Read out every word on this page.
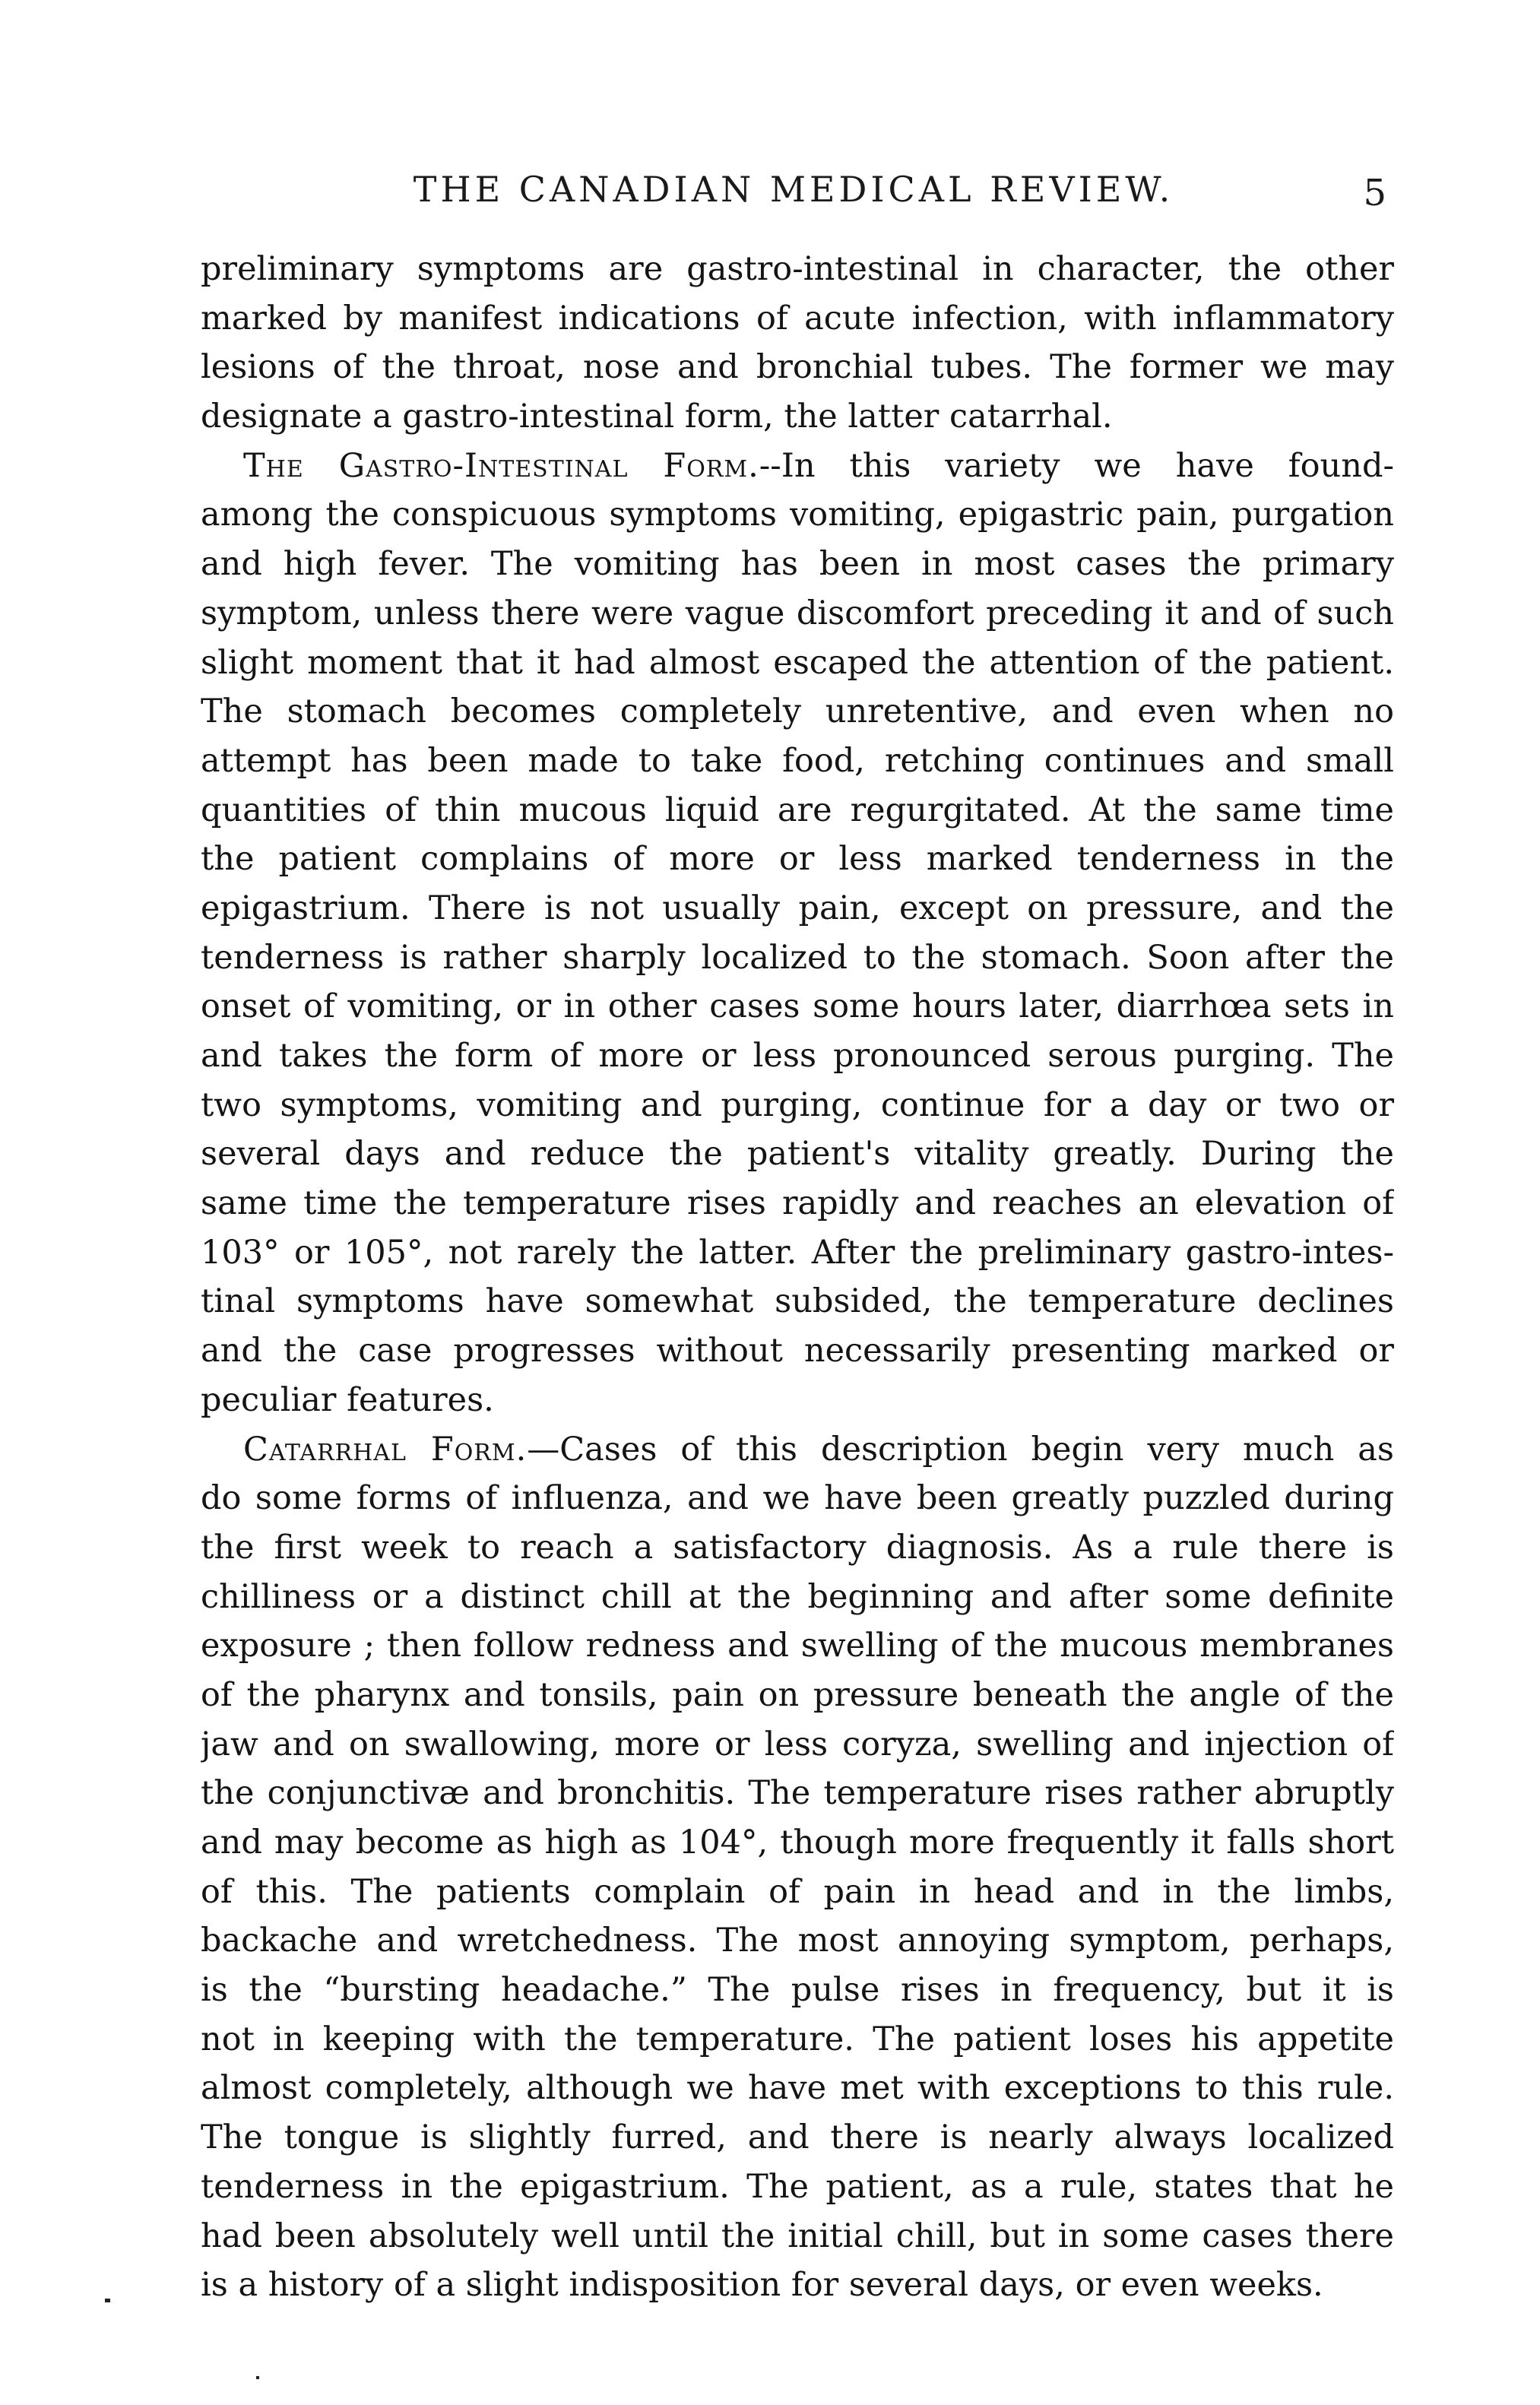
THE CANADIAN MEDICAL REVIEW.	5
preliminary symptoms are gastro-intestinal in character, the other
marked by manifest indications of acute infection, with inflammatory
lesions of the throat, nose and bronchial tubes. The former we may
designate a gastro-intestinal form, the latter catarrhal.
The Gastro-Intestinal Form.--In this variety we have found-
among the conspicuous symptoms vomiting, epigastric pain, purgation
and high fever. The vomiting has been in most cases the primary
symptom, unless there were vague discomfort preceding it and of such
slight moment that it had almost escaped the attention of the patient.
The stomach becomes completely unretentive, and even when no
attempt has been made to take food, retching continues and small
quantities of thin mucous liquid are regurgitated. At the same time
the patient complains of more or less marked tenderness in the
epigastrium. There is not usually pain, except on pressure, and the
tenderness is rather sharply localized to the stomach. Soon after the
onset of vomiting, or in other cases some hours later, diarrhœa sets in
and takes the form of more or less pronounced serous purging. The
two symptoms, vomiting and purging, continue for a day or two or
several days and reduce the patient's vitality greatly. During the
same time the temperature rises rapidly and reaches an elevation of
103° or 105°, not rarely the latter. After the preliminary gastro-intes-
tinal symptoms have somewhat subsided, the temperature declines
and the case progresses without necessarily presenting marked or
peculiar features.
Catarrhal Form.—Cases of this description begin very much as
do some forms of influenza, and we have been greatly puzzled during
the first week to reach a satisfactory diagnosis. As a rule there is
chilliness or a distinct chill at the beginning and after some definite
exposure ; then follow redness and swelling of the mucous membranes
of the pharynx and tonsils, pain on pressure beneath the angle of the
jaw and on swallowing, more or less coryza, swelling and injection of
the conjunctivæ and bronchitis. The temperature rises rather abruptly
and may become as high as 104°, though more frequently it falls short
of this. The patients complain of pain in head and in the limbs,
backache and wretchedness. The most annoying symptom, perhaps,
is the “bursting headache.” The pulse rises in frequency, but it is
not in keeping with the temperature. The patient loses his appetite
almost completely, although we have met with exceptions to this rule.
The tongue is slightly furred, and there is nearly always localized
tenderness in the epigastrium. The patient, as a rule, states that he
had been absolutely well until the initial chill, but in some cases there
is a history of a slight indisposition for several days, or even weeks.
